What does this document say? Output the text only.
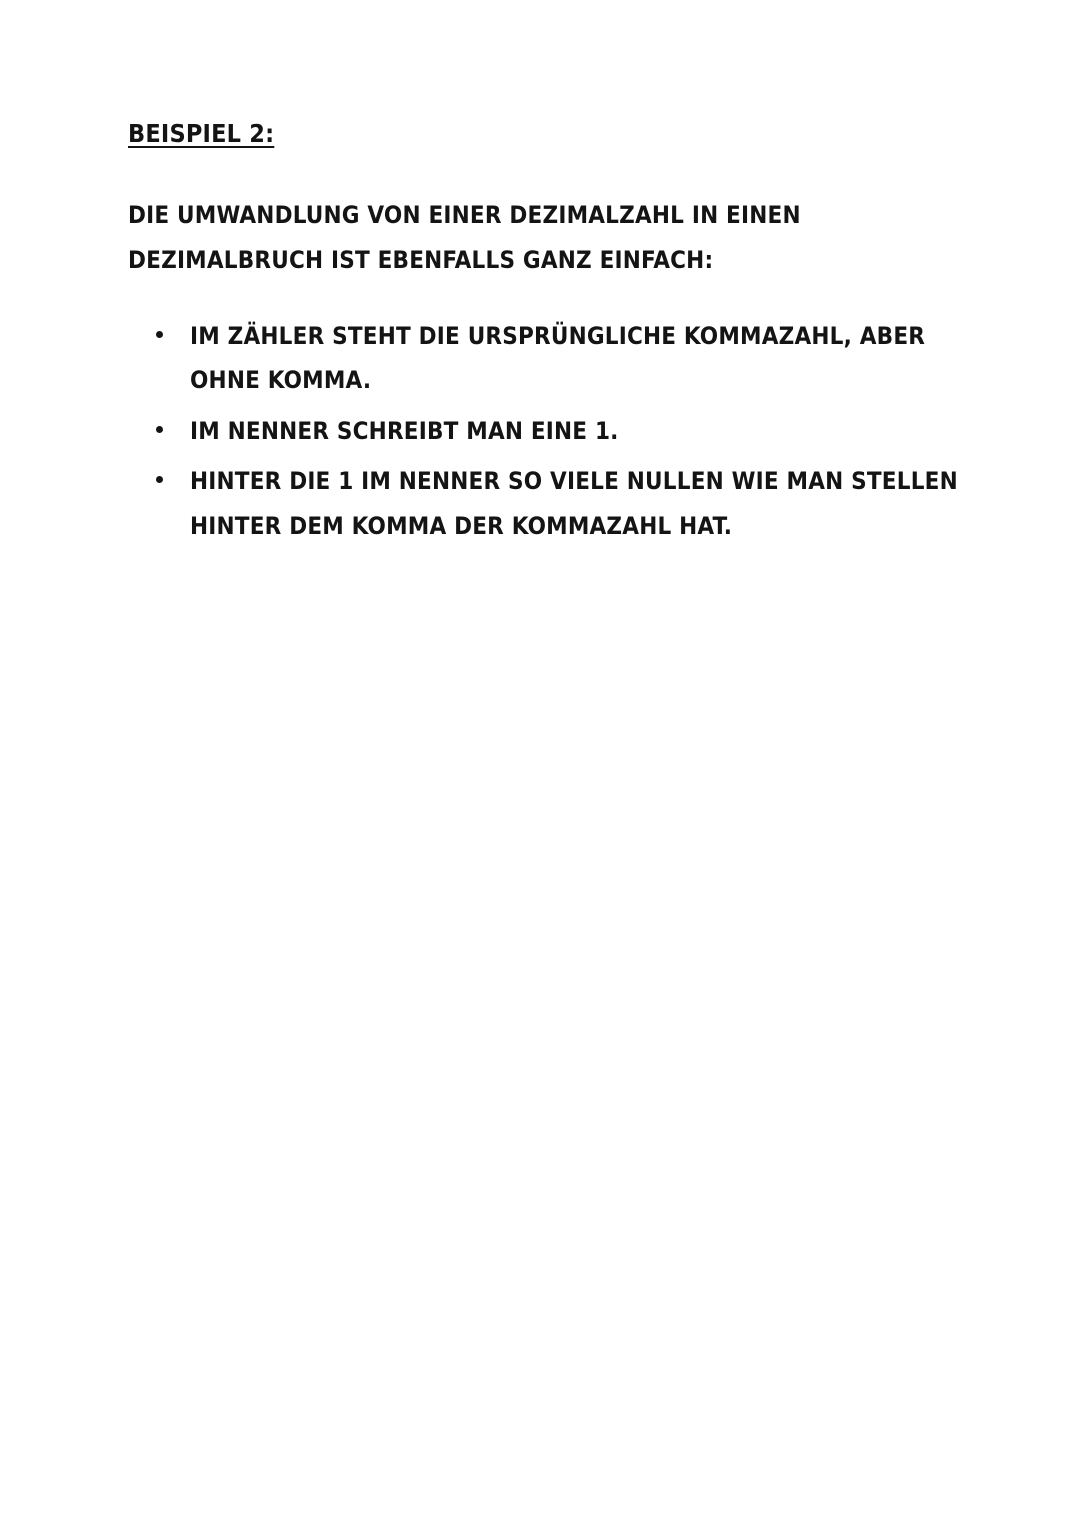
BEISPIEL 2:

DIE UMWANDLUNG VON EINER DEZIMALZAHL IN EINEN DEZIMALBRUCH IST EBENFALLS GANZ EINFACH:

IM ZÄHLER STEHT DIE URSPRÜNGLICHE KOMMAZAHL, ABER OHNE KOMMA.
IM NENNER SCHREIBT MAN EINE 1.
HINTER DIE 1 IM NENNER SO VIELE NULLEN WIE MAN STELLEN HINTER DEM KOMMA DER KOMMAZAHL HAT.
